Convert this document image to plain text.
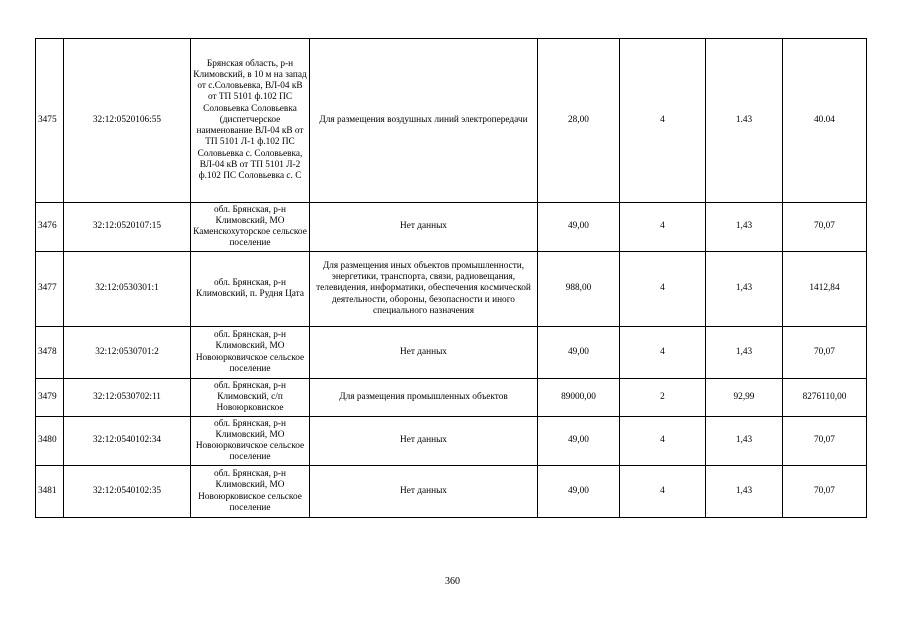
3475	32:12:0520106:55	Брянская область, р-н Климовский, в 10 м на запад от с.Соловьевка, ВЛ-04 кВ от ТП 5101 ф.102 ПС Соловьевка Соловьевка (диспетчерское наименование ВЛ-04 кВ от ТП 5101 Л-1 ф.102 ПС Соловьевка с. Соловьевка, ВЛ-04 кВ от ТП 5101 Л-2 ф.102 ПС Соловьевка с. С	Для размещения воздушных линий электропередачи	28,00	4	1.43	40.04
3476	32:12:0520107:15	обл. Брянская, р-н Климовский, МО Каменскохуторское сельское поселение	Нет данных	49,00	4	1,43	70,07
3477	32:12:0530301:1	обл. Брянская, р-н Климовский, п. Рудня Цата	Для размещения иных объектов промышленности, энергетики, транспорта, связи, радиовещания, телевидения, информатики, обеспечения космической деятельности, обороны, безопасности и иного специального назначения	988,00	4	1,43	1412,84
3478	32:12:0530701:2	обл. Брянская, р-н Климовский, МО Новоюрковичское сельское поселение	Нет данных	49,00	4	1,43	70,07
3479	32:12:0530702:11	обл. Брянская, р-н Климовский, с/п Новоюрковиское	Для размещения промышленных объектов	89000,00	2	92,99	8276110,00
3480	32:12:0540102:34	обл. Брянская, р-н Климовский, МО Новоюрковичское сельское поселение	Нет данных	49,00	4	1,43	70,07
3481	32:12:0540102:35	обл. Брянская, р-н Климовский, МО Новоюрковиское сельское поселение	Нет данных	49,00	4	1,43	70,07
360
